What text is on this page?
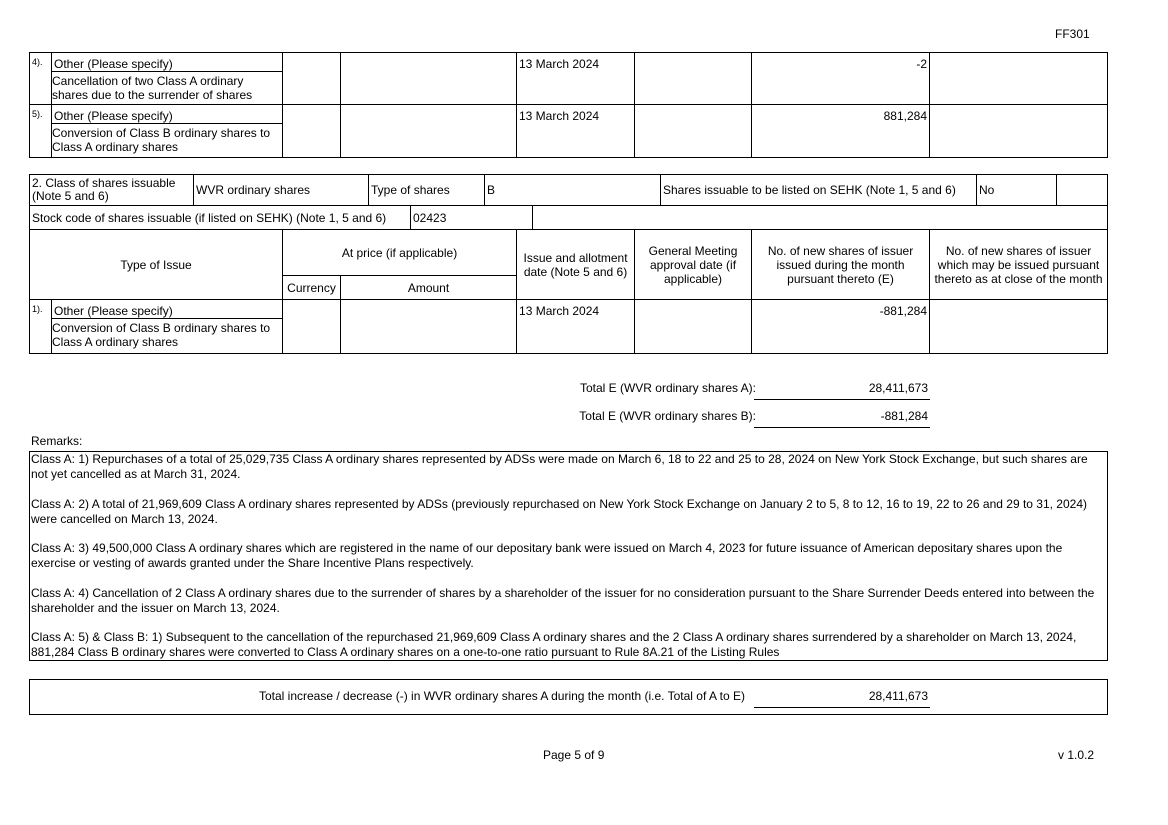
FF301
4).	Other (Please specify)
Cancellation of two Class A ordinary shares due to the surrender of shares			13 March 2024		-2	
5).	Other (Please specify)
Conversion of Class B ordinary shares to Class A ordinary shares			13 March 2024		881,284	
2. Class of shares issuable (Note 5 and 6)	WVR ordinary shares	Type of shares	B	Shares issuable to be listed on SEHK (Note 1, 5 and 6)	No	
Stock code of shares issuable (if listed on SEHK) (Note 1, 5 and 6)	02423	
Type of Issue		At price (if applicable)		Issue and allotment date (Note 5 and 6)	General Meeting approval date (if applicable)	No. of new shares of issuer issued during the month pursuant thereto (E)	No. of new shares of issuer which may be issued pursuant thereto as at close of the month
		Currency	Amount				
1).	Other (Please specify)
Conversion of Class B ordinary shares to Class A ordinary shares			13 March 2024		-881,284	
Total E (WVR ordinary shares A):	28,411,673
Total E (WVR ordinary shares B):	-881,284
Remarks:
Class A: 1) Repurchases of a total of 25,029,735 Class A ordinary shares represented by ADSs were made on March 6, 18 to 22 and 25 to 28, 2024 on New York Stock Exchange, but such shares are not yet cancelled as at March 31, 2024.
Class A: 2) A total of 21,969,609 Class A ordinary shares represented by ADSs (previously repurchased on New York Stock Exchange on January 2 to 5, 8 to 12, 16 to 19, 22 to 26 and 29 to 31, 2024) were cancelled on March 13, 2024.
Class A: 3) 49,500,000 Class A ordinary shares which are registered in the name of our depositary bank were issued on March 4, 2023 for future issuance of American depositary shares upon the exercise or vesting of awards granted under the Share Incentive Plans respectively.
Class A: 4) Cancellation of 2 Class A ordinary shares due to the surrender of shares by a shareholder of the issuer for no consideration pursuant to the Share Surrender Deeds entered into between the shareholder and the issuer on March 13, 2024.
Class A: 5) & Class B: 1) Subsequent to the cancellation of the repurchased 21,969,609 Class A ordinary shares and the 2 Class A ordinary shares surrendered by a shareholder on March 13, 2024, 881,284 Class B ordinary shares were converted to Class A ordinary shares on a one-to-one ratio pursuant to Rule 8A.21 of the Listing Rules
Total increase / decrease (-) in WVR ordinary shares A during the month (i.e. Total of A to E)	28,411,673
Page 5 of 9	v 1.0.2
